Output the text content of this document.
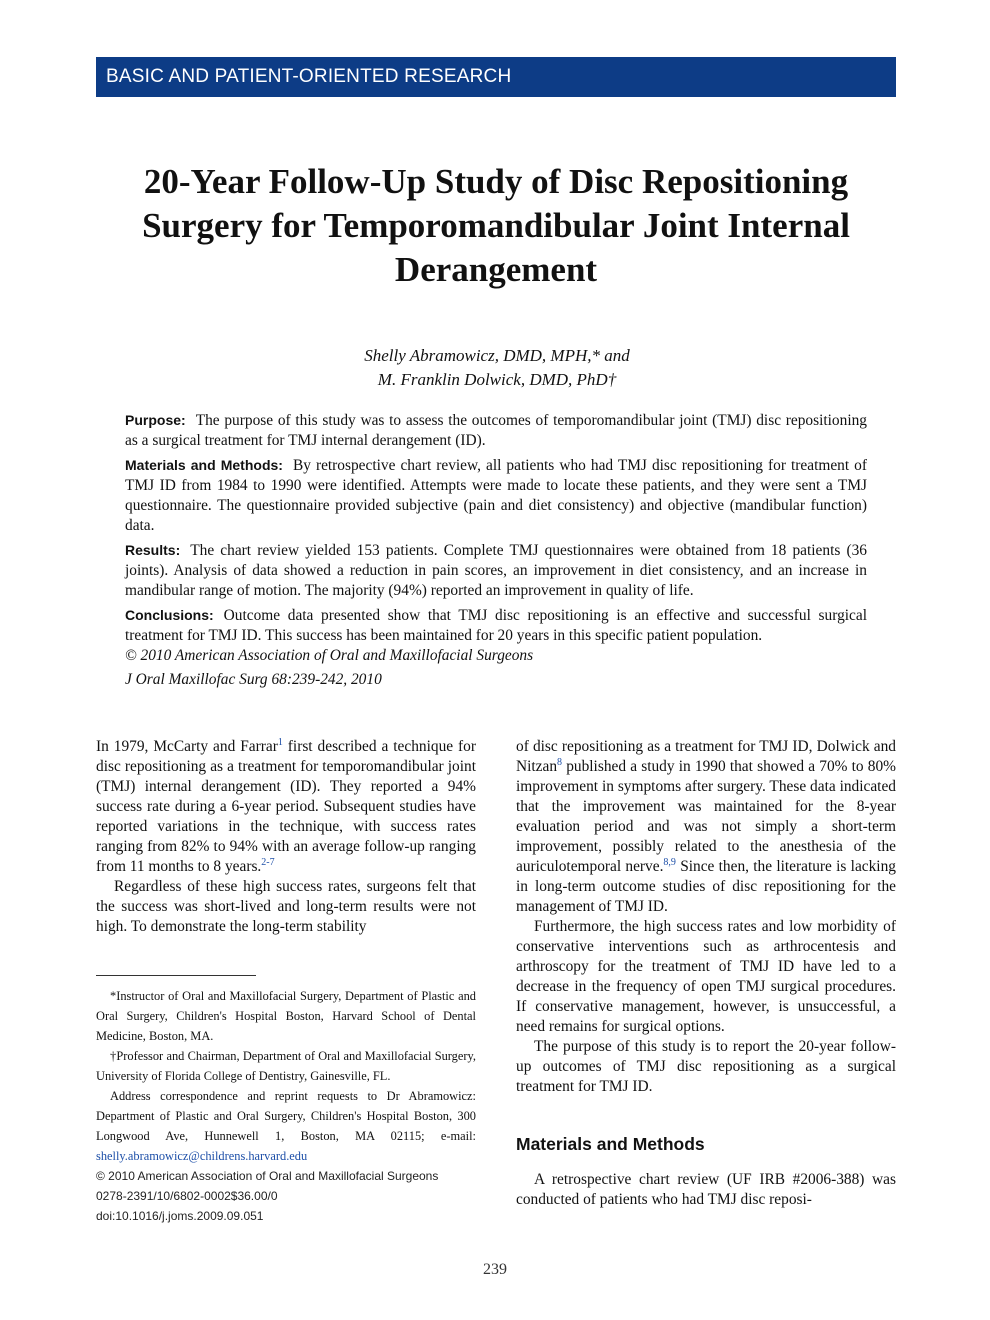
BASIC AND PATIENT-ORIENTED RESEARCH
20-Year Follow-Up Study of Disc Repositioning Surgery for Temporomandibular Joint Internal Derangement
Shelly Abramowicz, DMD, MPH,* and
M. Franklin Dolwick, DMD, PhD†

Purpose: The purpose of this study was to assess the outcomes of temporomandibular joint (TMJ) disc repositioning as a surgical treatment for TMJ internal derangement (ID).

Materials and Methods: By retrospective chart review, all patients who had TMJ disc repositioning for treatment of TMJ ID from 1984 to 1990 were identified. Attempts were made to locate these patients, and they were sent a TMJ questionnaire. The questionnaire provided subjective (pain and diet consistency) and objective (mandibular function) data.

Results: The chart review yielded 153 patients. Complete TMJ questionnaires were obtained from 18 patients (36 joints). Analysis of data showed a reduction in pain scores, an improvement in diet consistency, and an increase in mandibular range of motion. The majority (94%) reported an improvement in quality of life.

Conclusions: Outcome data presented show that TMJ disc repositioning is an effective and successful surgical treatment for TMJ ID. This success has been maintained for 20 years in this specific patient population.

© 2010 American Association of Oral and Maxillofacial Surgeons

J Oral Maxillofac Surg 68:239-242, 2010

In 1979, McCarty and Farrar$^1$ first described a technique for disc repositioning as a treatment for temporomandibular joint (TMJ) internal derangement (ID). They reported a 94% success rate during a 6-year period. Subsequent studies have reported variations in the technique, with success rates ranging from 82% to 94% with an average follow-up ranging from 11 months to 8 years.$^{2-7}$

Regardless of these high success rates, surgeons felt that the success was short-lived and long-term results were not high. To demonstrate the long-term stability

*Instructor of Oral and Maxillofacial Surgery, Department of Plastic and Oral Surgery, Children's Hospital Boston, Harvard School of Dental Medicine, Boston, MA.

†Professor and Chairman, Department of Oral and Maxillofacial Surgery, University of Florida College of Dentistry, Gainesville, FL.

Address correspondence and reprint requests to Dr Abramowicz: Department of Plastic and Oral Surgery, Children's Hospital Boston, 300 Longwood Ave, Hunnewell 1, Boston, MA 02115; e-mail: shelly.abramowicz@childrens.harvard.edu

© 2010 American Association of Oral and Maxillofacial Surgeons
0278-2391/10/6802-0002$36.00/0
doi:10.1016/j.joms.2009.09.051

of disc repositioning as a treatment for TMJ ID, Dolwick and Nitzan$^8$ published a study in 1990 that showed a 70% to 80% improvement in symptoms after surgery. These data indicated that the improvement was maintained for the 8-year evaluation period and was not simply a short-term improvement, possibly related to the anesthesia of the auriculotemporal nerve.$^{8,9}$ Since then, the literature is lacking in long-term outcome studies of disc repositioning for the management of TMJ ID.

Furthermore, the high success rates and low morbidity of conservative interventions such as arthrocentesis and arthroscopy for the treatment of TMJ ID have led to a decrease in the frequency of open TMJ surgical procedures. If conservative management, however, is unsuccessful, a need remains for surgical options.

The purpose of this study is to report the 20-year follow-up outcomes of TMJ disc repositioning as a surgical treatment for TMJ ID.

Materials and Methods

A retrospective chart review (UF IRB #2006-388) was conducted of patients who had TMJ disc reposi-

239
